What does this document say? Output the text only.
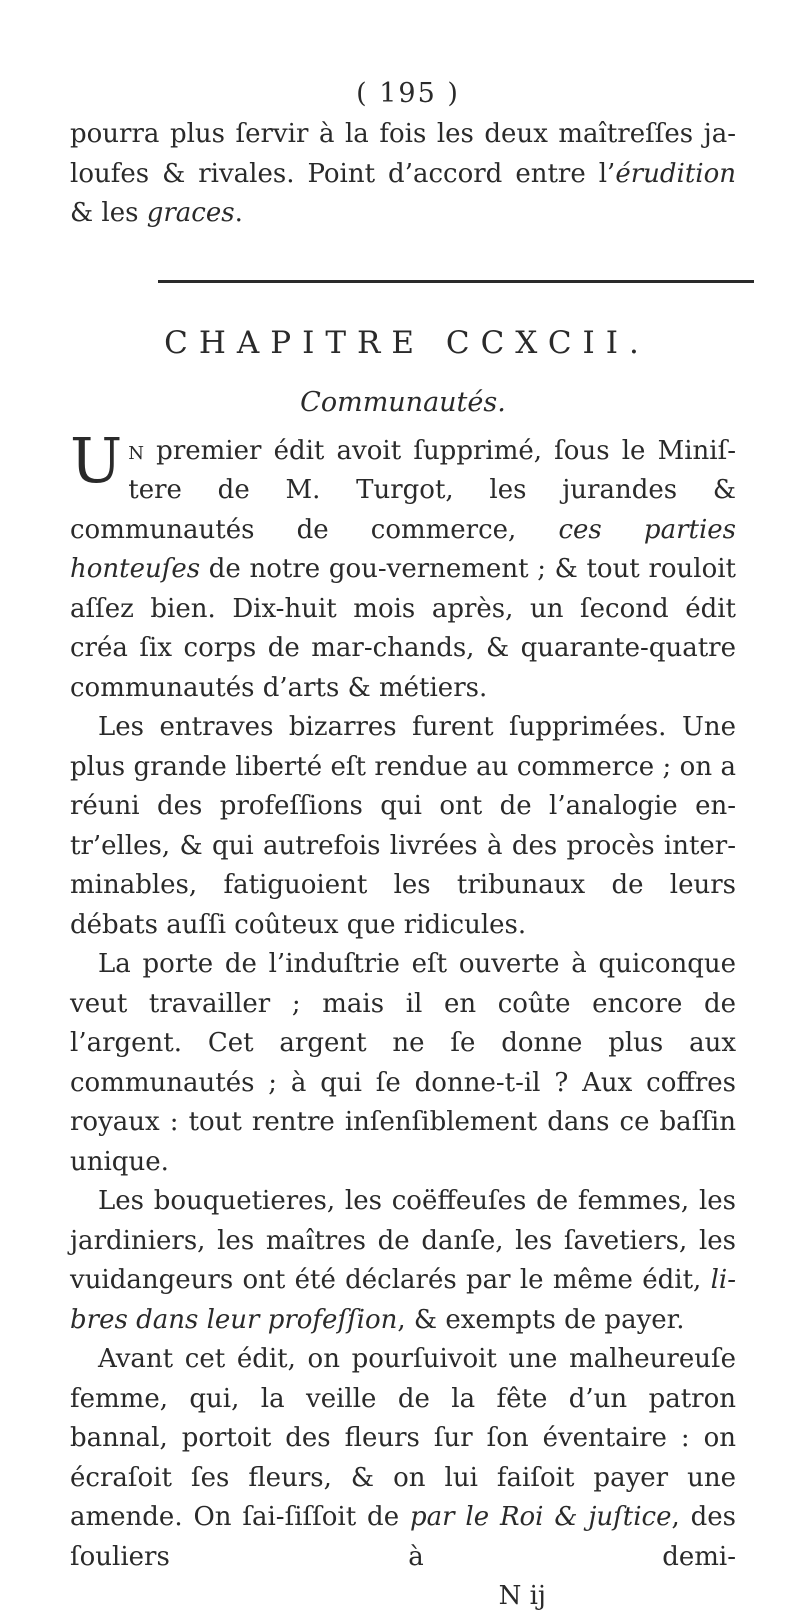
( 195 )

pourra plus ſervir à la fois les deux maîtreſſes ja-loufes & rivales. Point d’accord entre l’érudition & les graces.

CHAPITRE CCXCII.
Communautés.

Un premier édit avoit ſupprimé, ſous le Miniſ-tere de M. Turgot, les jurandes & communautés de commerce, ces parties honteuſes de notre gou-vernement ; & tout rouloit aſſez bien. Dix-huit mois après, un ſecond édit créa ſix corps de mar-chands, & quarante-quatre communautés d’arts & métiers.

Les entraves bizarres furent ſupprimées. Une plus grande liberté eſt rendue au commerce ; on a réuni des profeſſions qui ont de l’analogie en-tr’elles, & qui autrefois livrées à des procès inter-minables, fatiguoient les tribunaux de leurs débats auſſi coûteux que ridicules.

La porte de l’induſtrie eſt ouverte à quiconque veut travailler ; mais il en coûte encore de l’argent. Cet argent ne ſe donne plus aux communautés ; à qui ſe donne-t-il ? Aux coffres royaux : tout rentre inſenſiblement dans ce baſſin unique.

Les bouquetieres, les coëffeuſes de femmes, les jardiniers, les maîtres de danſe, les ſavetiers, les vuidangeurs ont été déclarés par le même édit, li-bres dans leur profeſſion, & exempts de payer.

Avant cet édit, on pourſuivoit une malheureuſe femme, qui, la veille de la fête d’un patron bannal, portoit des fleurs ſur ſon éventaire : on écraſoit ſes fleurs, & on lui faiſoit payer une amende. On ſai-ſiſſoit de par le Roi & juſtice, des ſouliers à demi-

N ij
